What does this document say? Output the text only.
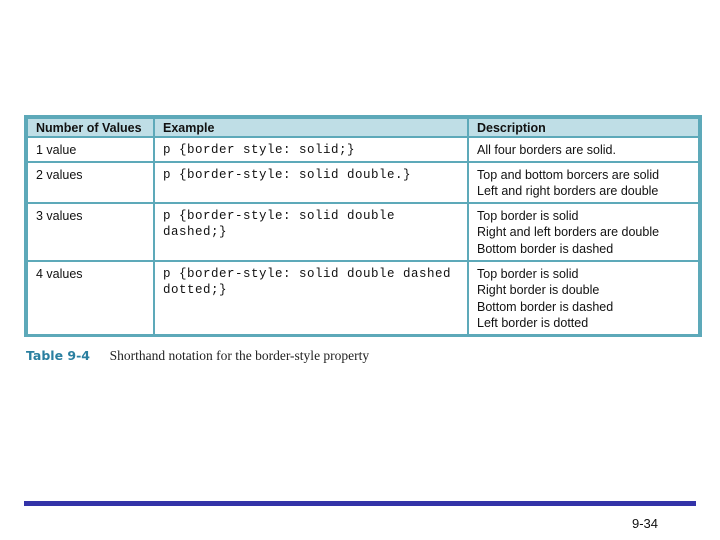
Number of Values	Example	Description
1 value	p {border style: solid;}	All four borders are solid.

2 values	p {border-style: solid double.}	Top and bottom borcers are solid
Left and right borders are double

3 values	p {border-style: solid double dashed;}	Top border is solid
Right and left borders are double
Bottom border is dashed

4 values	p {border-style: solid double dashed dotted;}	Top border is solid
Right border is double
Bottom border is dashed
Left border is dotted
Table 9-4 Shorthand notation for the border-style property
9-34
